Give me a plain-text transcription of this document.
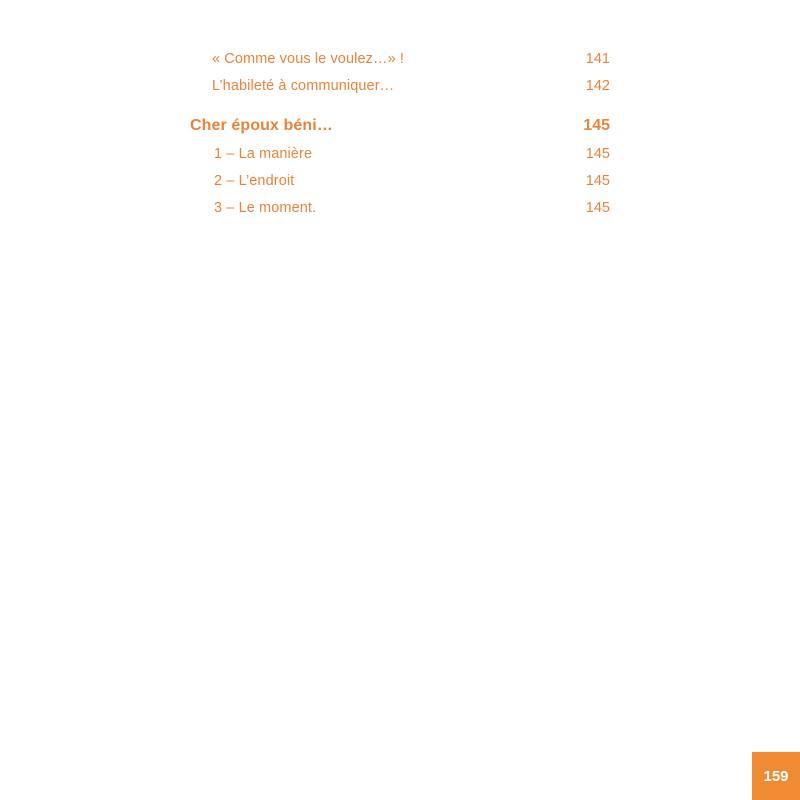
« Comme vous le voulez…» !	141
L’habileté à communiquer…	142
Cher époux béni…	145
1 – La manière	145
2 – L’endroit	145
3 – Le moment.	145
159
